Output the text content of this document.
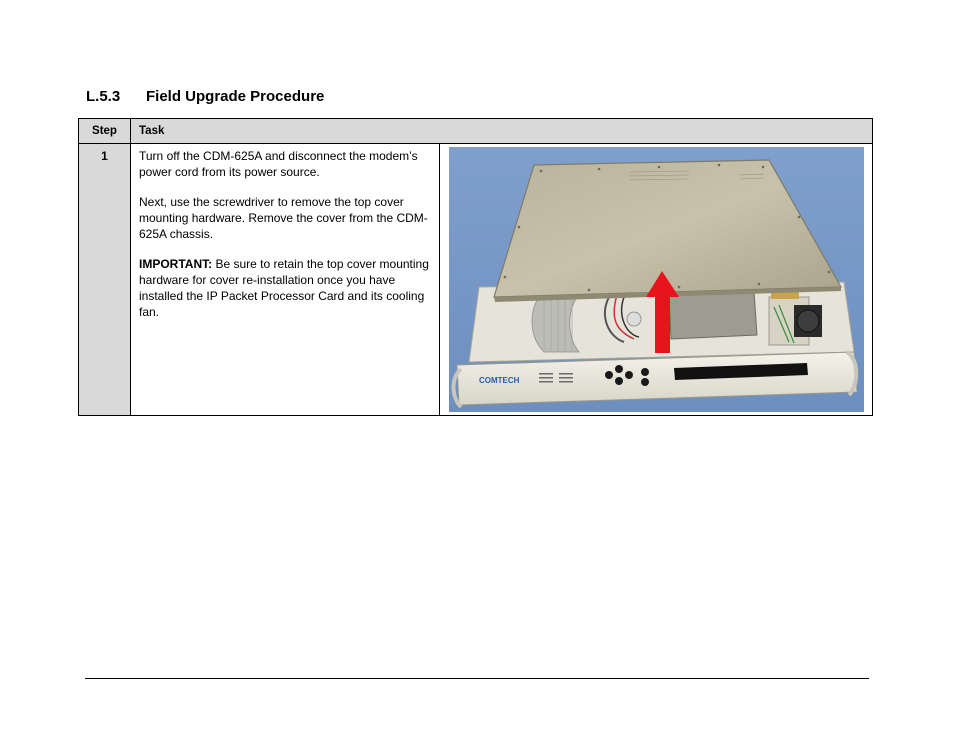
L.5.3	Field Upgrade Procedure
Step	Task	
1	Turn off the CDM-625A and disconnect the modem’s power cord from its power source.

Next, use the screwdriver to remove the top cover mounting hardware. Remove the cover from the CDM-625A chassis.

IMPORTANT: Be sure to retain the top cover mounting hardware for cover re-installation once you have installed the IP Packet Processor Card and its cooling fan.	COMTECH
